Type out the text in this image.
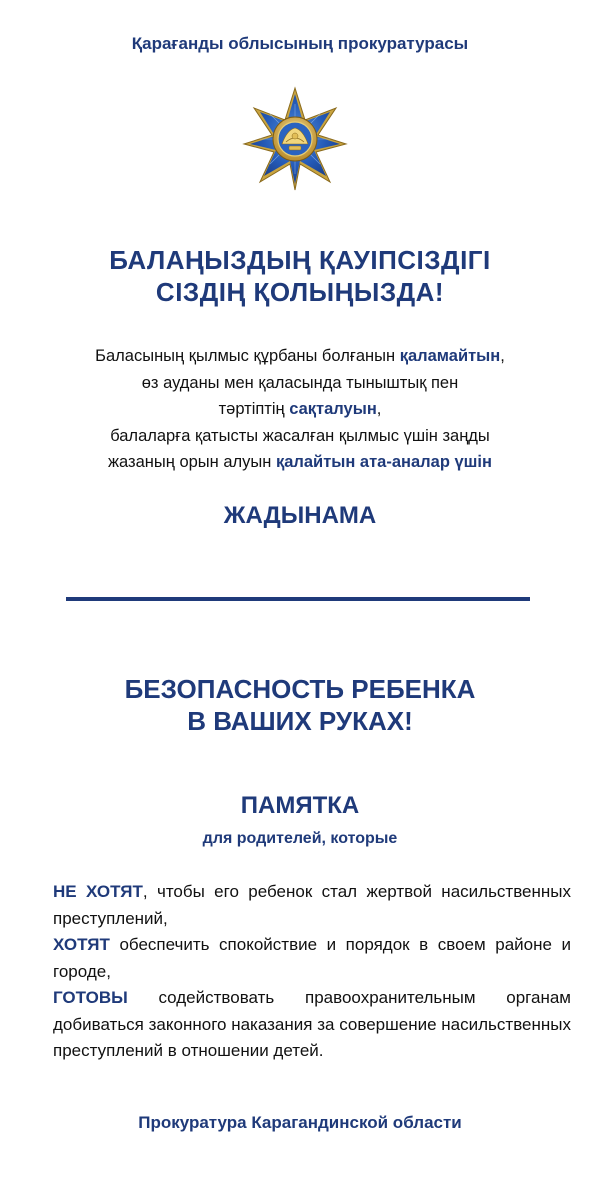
Қарағанды облысының прокуратурасы
БАЛАҢЫЗДЫҢ ҚАУІПСІЗДІГІ
СІЗДІҢ ҚОЛЫҢЫЗДА!
Баласының қылмыс құрбаны болғанын қаламайтын,
өз ауданы мен қаласында тыныштық пен
тәртіптің сақталуын,
балаларға қатысты жасалған қылмыс үшін заңды
жазаның орын алуын қалайтын ата-аналар үшін
ЖАДЫНАМА
БЕЗОПАСНОСТЬ РЕБЕНКА
В ВАШИХ РУКАХ!
ПАМЯТКА
для родителей, которые

НЕ ХОТЯТ, чтобы его ребенок стал жертвой насильственных преступлений,

ХОТЯТ обеспечить спокойствие и порядок в своем районе и городе,

ГОТОВЫ содействовать правоохранительным органам добиваться законного наказания за совершение насильственных преступлений в отношении детей.

Прокуратура Карагандинской области
